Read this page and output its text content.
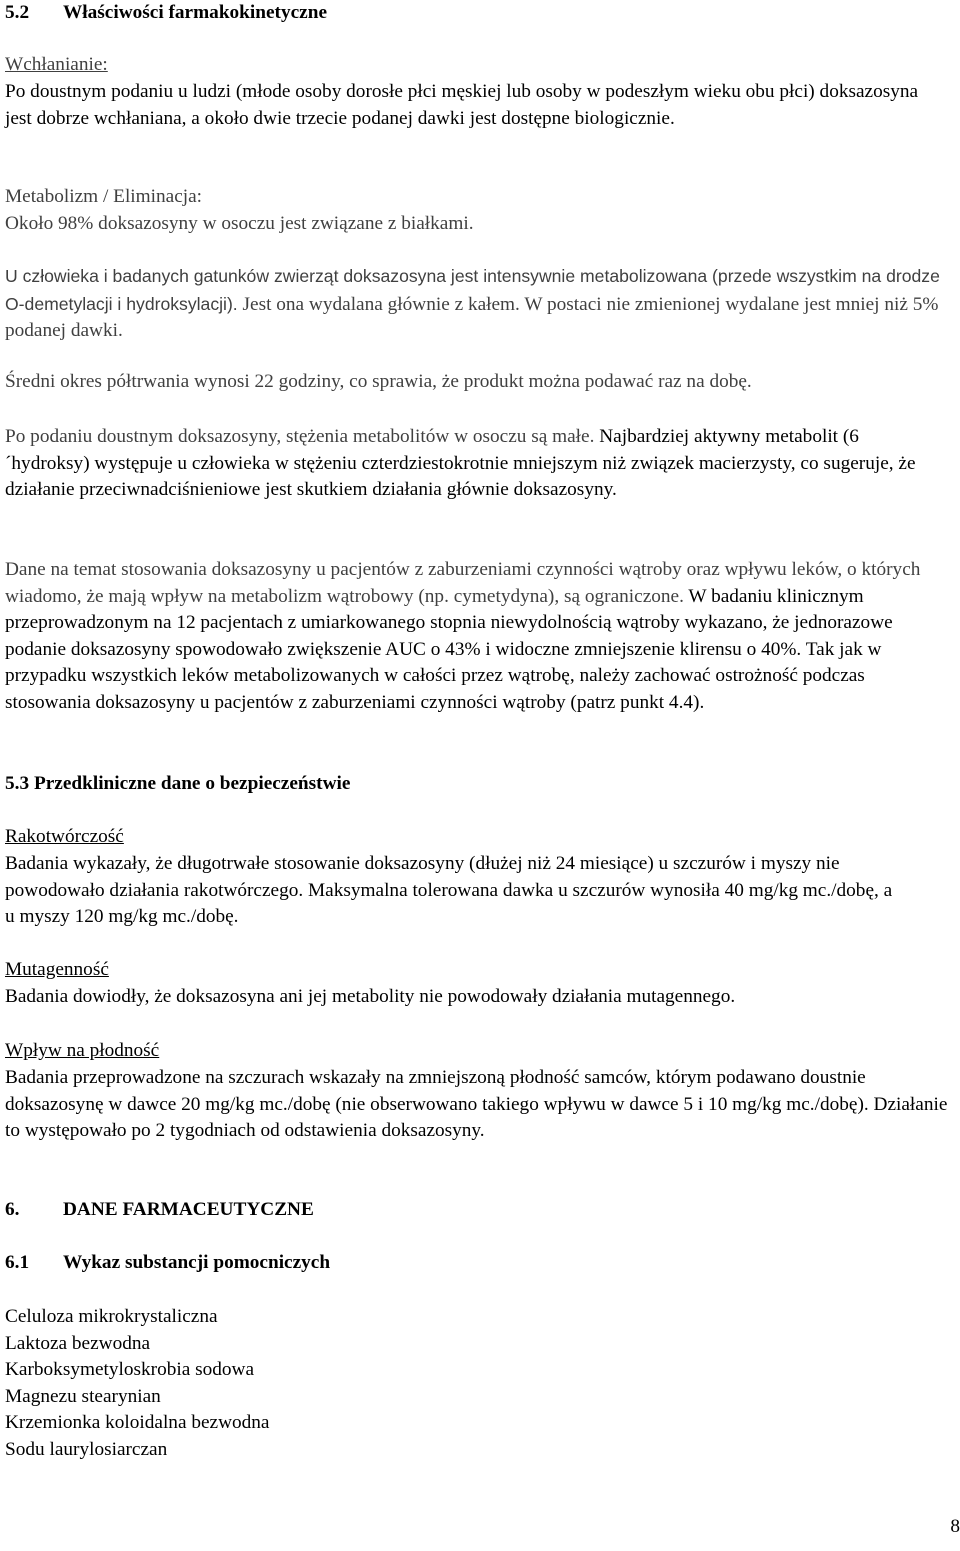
5.2 Właściwości farmakokinetyczne
Wchłanianie:

Po doustnym podaniu u ludzi (młode osoby dorosłe płci męskiej lub osoby w podeszłym wieku obu płci) doksazosyna jest dobrze wchłaniana, a około dwie trzecie podanej dawki jest dostępne biologicznie.

Metabolizm / Eliminacja:

Około 98% doksazosyny w osoczu jest związane z białkami.

U człowieka i badanych gatunków zwierząt doksazosyna jest intensywnie metabolizowana (przede wszystkim na drodze O-demetylacji i hydroksylacji). Jest ona wydalana głównie z kałem. W postaci nie zmienionej wydalane jest mniej niż 5% podanej dawki.

Średni okres półtrwania wynosi 22 godziny, co sprawia, że produkt można podawać raz na dobę.

Po podaniu doustnym doksazosyny, stężenia metabolitów w osoczu są małe. Najbardziej aktywny metabolit (6´hydroksy) występuje u człowieka w stężeniu czterdziestokrotnie mniejszym niż związek macierzysty, co sugeruje, że działanie przeciwnadciśnieniowe jest skutkiem działania głównie doksazosyny.

Dane na temat stosowania doksazosyny u pacjentów z zaburzeniami czynności wątroby oraz wpływu leków, o których wiadomo, że mają wpływ na metabolizm wątrobowy (np. cymetydyna), są ograniczone. W badaniu klinicznym przeprowadzonym na 12 pacjentach z umiarkowanego stopnia niewydolnością wątroby wykazano, że jednorazowe podanie doksazosyny spowodowało zwiększenie AUC o 43% i widoczne zmniejszenie klirensu o 40%. Tak jak w przypadku wszystkich leków metabolizowanych w całości przez wątrobę, należy zachować ostrożność podczas stosowania doksazosyny u pacjentów z zaburzeniami czynności wątroby (patrz punkt 4.4).

5.3 Przedkliniczne dane o bezpieczeństwie
Rakotwórczość

Badania wykazały, że długotrwałe stosowanie doksazosyny (dłużej niż 24 miesiące) u szczurów i myszy nie powodowało działania rakotwórczego. Maksymalna tolerowana dawka u szczurów wynosiła 40 mg/kg mc./dobę, a u myszy 120 mg/kg mc./dobę.

Mutagenność

Badania dowiodły, że doksazosyna ani jej metabolity nie powodowały działania mutagennego.

Wpływ na płodność

Badania przeprowadzone na szczurach wskazały na zmniejszoną płodność samców, którym podawano doustnie doksazosynę w dawce 20 mg/kg mc./dobę (nie obserwowano takiego wpływu w dawce 5 i 10 mg/kg mc./dobę). Działanie to występowało po 2 tygodniach od odstawienia doksazosyny.

6. DANE FARMACEUTYCZNE
6.1 Wykaz substancji pomocniczych
Celuloza mikrokrystaliczna
Laktoza bezwodna
Karboksymetyloskrobia sodowa
Magnezu stearynian
Krzemionka koloidalna bezwodna
Sodu laurylosiarczan
8
